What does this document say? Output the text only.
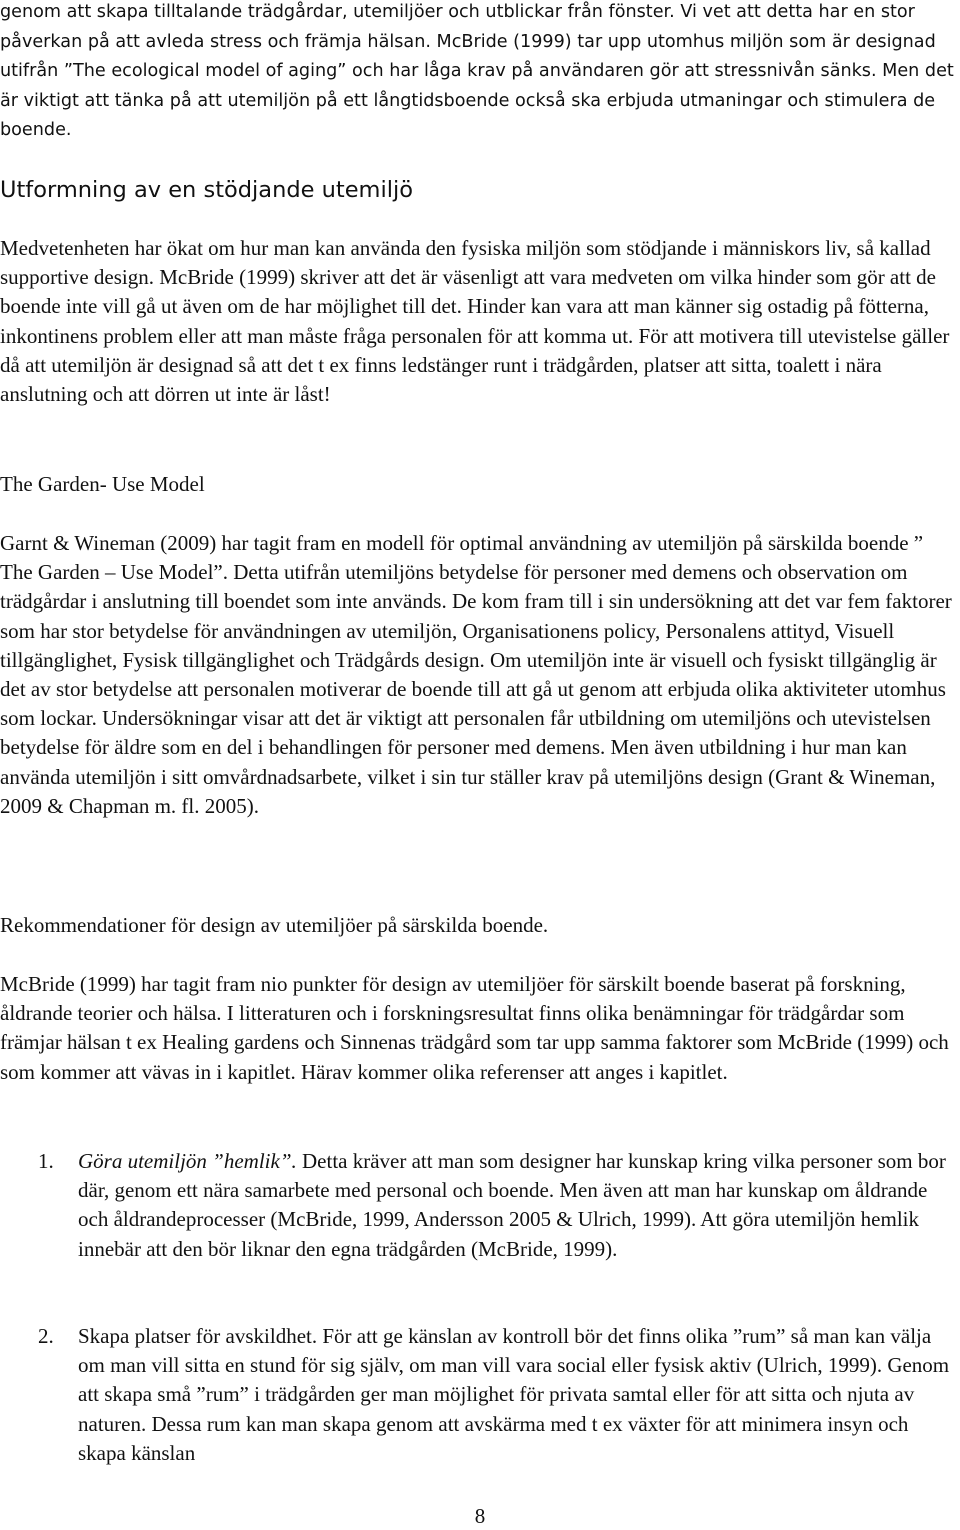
genom att skapa tilltalande trädgårdar, utemiljöer och utblickar från fönster. Vi vet att detta har en stor påverkan på att avleda stress och främja hälsan. McBride (1999) tar upp utomhus miljön som är designad utifrån ”The ecological model of aging” och har låga krav på användaren gör att stressnivån sänks. Men det är viktigt att tänka på att utemiljön på ett långtidsboende också ska erbjuda utmaningar och stimulera de boende.

Utformning av en stödjande utemiljö

Medvetenheten har ökat om hur man kan använda den fysiska miljön som stödjande i människors liv, så kallad supportive design. McBride (1999) skriver att det är väsenligt att vara medveten om vilka hinder som gör att de boende inte vill gå ut även om de har möjlighet till det. Hinder kan vara att man känner sig ostadig på fötterna, inkontinens problem eller att man måste fråga personalen för att komma ut. För att motivera till utevistelse gäller då att utemiljön är designad så att det t ex finns ledstänger runt i trädgården, platser att sitta, toalett i nära anslutning och att dörren ut inte är låst!

The Garden- Use Model

Garnt & Wineman (2009) har tagit fram en modell för optimal användning av utemiljön på särskilda boende ” The Garden – Use Model”. Detta utifrån utemiljöns betydelse för personer med demens och observation om trädgårdar i anslutning till boendet som inte används. De kom fram till i sin undersökning att det var fem faktorer som har stor betydelse för användningen av utemiljön, Organisationens policy, Personalens attityd, Visuell tillgänglighet, Fysisk tillgänglighet och Trädgårds design. Om utemiljön inte är visuell och fysiskt tillgänglig är det av stor betydelse att personalen motiverar de boende till att gå ut genom att erbjuda olika aktiviteter utomhus som lockar. Undersökningar visar att det är viktigt att personalen får utbildning om utemiljöns och utevistelsen betydelse för äldre som en del i behandlingen för personer med demens. Men även utbildning i hur man kan använda utemiljön i sitt omvårdnadsarbete, vilket i sin tur ställer krav på utemiljöns design (Grant & Wineman, 2009 & Chapman m. fl. 2005).

Rekommendationer för design av utemiljöer på särskilda boende.

McBride (1999) har tagit fram nio punkter för design av utemiljöer för särskilt boende baserat på forskning, åldrande teorier och hälsa. I litteraturen och i forskningsresultat finns olika benämningar för trädgårdar som främjar hälsan t ex Healing gardens och Sinnenas trädgård som tar upp samma faktorer som McBride (1999) och som kommer att vävas in i kapitlet. Härav kommer olika referenser att anges i kapitlet.

1. Göra utemiljön ”hemlik”. Detta kräver att man som designer har kunskap kring vilka personer som bor där, genom ett nära samarbete med personal och boende. Men även att man har kunskap om åldrande och åldrandeprocesser (McBride, 1999, Andersson 2005 & Ulrich, 1999). Att göra utemiljön hemlik innebär att den bör liknar den egna trädgården (McBride, 1999).

2. Skapa platser för avskildhet. För att ge känslan av kontroll bör det finns olika ”rum” så man kan välja om man vill sitta en stund för sig själv, om man vill vara social eller fysisk aktiv (Ulrich, 1999). Genom att skapa små ”rum” i trädgården ger man möjlighet för privata samtal eller för att sitta och njuta av naturen. Dessa rum kan man skapa genom att avskärma med t ex växter för att minimera insyn och skapa känslan

8
